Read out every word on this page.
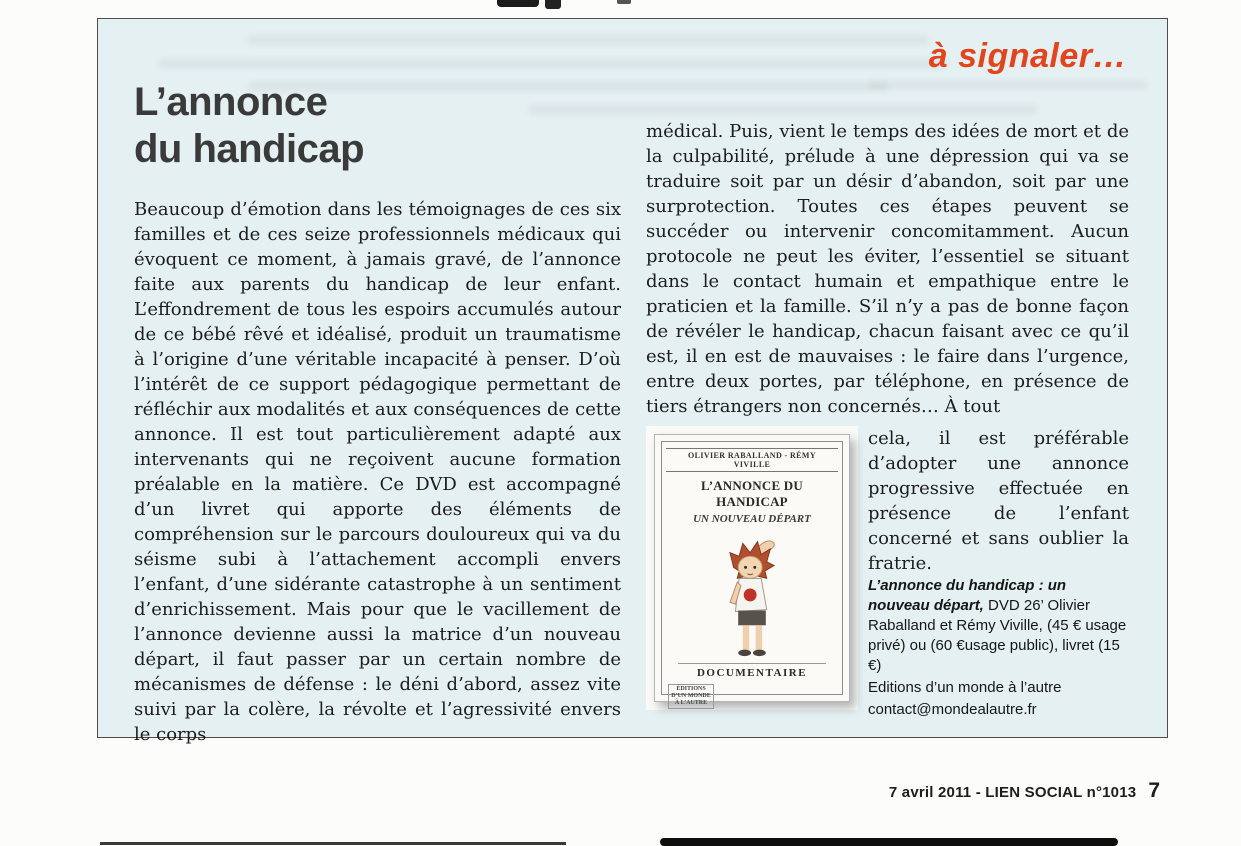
à signaler…
L’annonce
du handicap
Beaucoup d’émotion dans les témoignages de ces six familles et de ces seize professionnels médicaux qui évoquent ce moment, à jamais gravé, de l’annonce faite aux parents du handicap de leur enfant. L’effondrement de tous les espoirs accumulés autour de ce bébé rêvé et idéalisé, produit un traumatisme à l’origine d’une véritable incapacité à penser. D’où l’intérêt de ce support pédagogique permettant de réfléchir aux modalités et aux conséquences de cette annonce. Il est tout particulièrement adapté aux intervenants qui ne reçoivent aucune formation préalable en la matière. Ce DVD est accompagné d’un livret qui apporte des éléments de compréhension sur le parcours douloureux qui va du séisme subi à l’attachement accompli envers l’enfant, d’une sidérante catastrophe à un sentiment d’enrichissement. Mais pour que le vacillement de l’annonce devienne aussi la matrice d’un nouveau départ, il faut passer par un certain nombre de mécanismes de défense : le déni d’abord, assez vite suivi par la colère, la révolte et l’agressivité envers le corps

médical. Puis, vient le temps des idées de mort et de la culpabilité, prélude à une dépression qui va se traduire soit par un désir d’abandon, soit par une surprotection. Toutes ces étapes peuvent se succéder ou intervenir concomitamment. Aucun protocole ne peut les éviter, l’essentiel se situant dans le contact humain et empathique entre le praticien et la famille. S’il n’y a pas de bonne façon de révéler le handicap, chacun faisant avec ce qu’il est, il en est de mauvaises : le faire dans l’urgence, entre deux portes, par téléphone, en présence de tiers étrangers non concernés… À tout

OLIVIER RABALLAND - RÉMY VIVILLE
L’ANNONCE DU HANDICAP
UN NOUVEAU DÉPART
DOCUMENTAIRE
ÉDITIONS D’UN MONDE À L’AUTRE

cela, il est préférable d’adopter une annonce progressive effectuée en présence de l’enfant concerné et sans oublier la fratrie.

L’annonce du handicap : un nouveau départ, DVD 26’ Olivier Raballand et Rémy Viville, (45 € usage privé) ou (60 €usage public), livret (15 €)

Editions d’un monde à l’autre
contact@mondealautre.fr
7 avril 2011 - LIEN SOCIAL n°1013 7
